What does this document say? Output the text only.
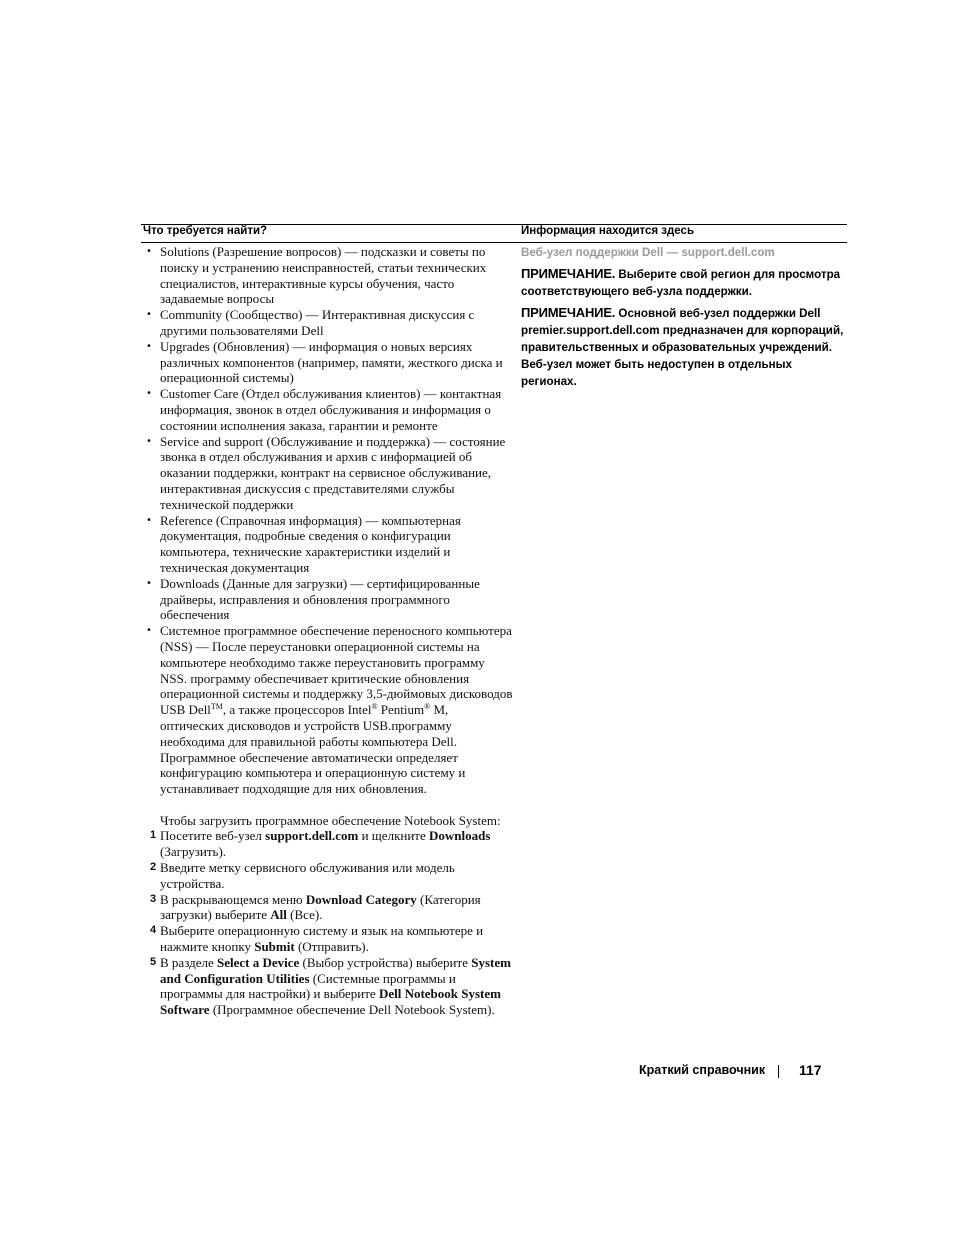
Что требуется найти?	Информация находится здесь
• Solutions (Разрешение вопросов) — подсказки и советы по поиску и устранению неисправностей, статьи технических специалистов, интерактивные курсы обучения, часто задаваемые вопросы
• Community (Сообщество) — Интерактивная дискуссия с другими пользователями Dell
• Upgrades (Обновления) — информация о новых версиях различных компонентов (например, памяти, жесткого диска и операционной системы)
• Customer Care (Отдел обслуживания клиентов) — контактная информация, звонок в отдел обслуживания и информация о состоянии исполнения заказа, гарантии и ремонте
• Service and support (Обслуживание и поддержка) — состояние звонка в отдел обслуживания и архив с информацией об оказании поддержки, контракт на сервисное обслуживание, интерактивная дискуссия с представителями службы технической поддержки
• Reference (Справочная информация) — компьютерная документация, подробные сведения о конфигурации компьютера, технические характеристики изделий и техническая документация
• Downloads (Данные для загрузки) — сертифицированные драйверы, исправления и обновления программного обеспечения
• Системное программное обеспечение переносного компьютера (NSS) — После переустановки операционной системы на компьютере необходимо также переустановить программу NSS. программу обеспечивает критические обновления операционной системы и поддержку 3,5-дюймовых дисководов USB Dell™, а также процессоров Intel® Pentium® M, оптических дисководов и устройств USB.программу необходима для правильной работы компьютера Dell. Программное обеспечение автоматически определяет конфигурацию компьютера и операционную систему и устанавливает подходящие для них обновления.
Чтобы загрузить программное обеспечение Notebook System:
1 Посетите веб-узел support.dell.com и щелкните Downloads (Загрузить).
2 Введите метку сервисного обслуживания или модель устройства.
3 В раскрывающемся меню Download Category (Категория загрузки) выберите All (Все).
4 Выберите операционную систему и язык на компьютере и нажмите кнопку Submit (Отправить).
5 В разделе Select a Device (Выбор устройства) выберите System and Configuration Utilities (Системные программы и программы для настройки) и выберите Dell Notebook System Software (Программное обеспечение Dell Notebook System).
Веб-узел поддержки Dell — support.dell.com
ПРИМЕЧАНИЕ. Выберите свой регион для просмотра соответствующего веб-узла поддержки.
ПРИМЕЧАНИЕ. Основной веб-узел поддержки Dell premier.support.dell.com предназначен для корпораций, правительственных и образовательных учреждений. Веб-узел может быть недоступен в отдельных регионах.
Краткий справочник 117
